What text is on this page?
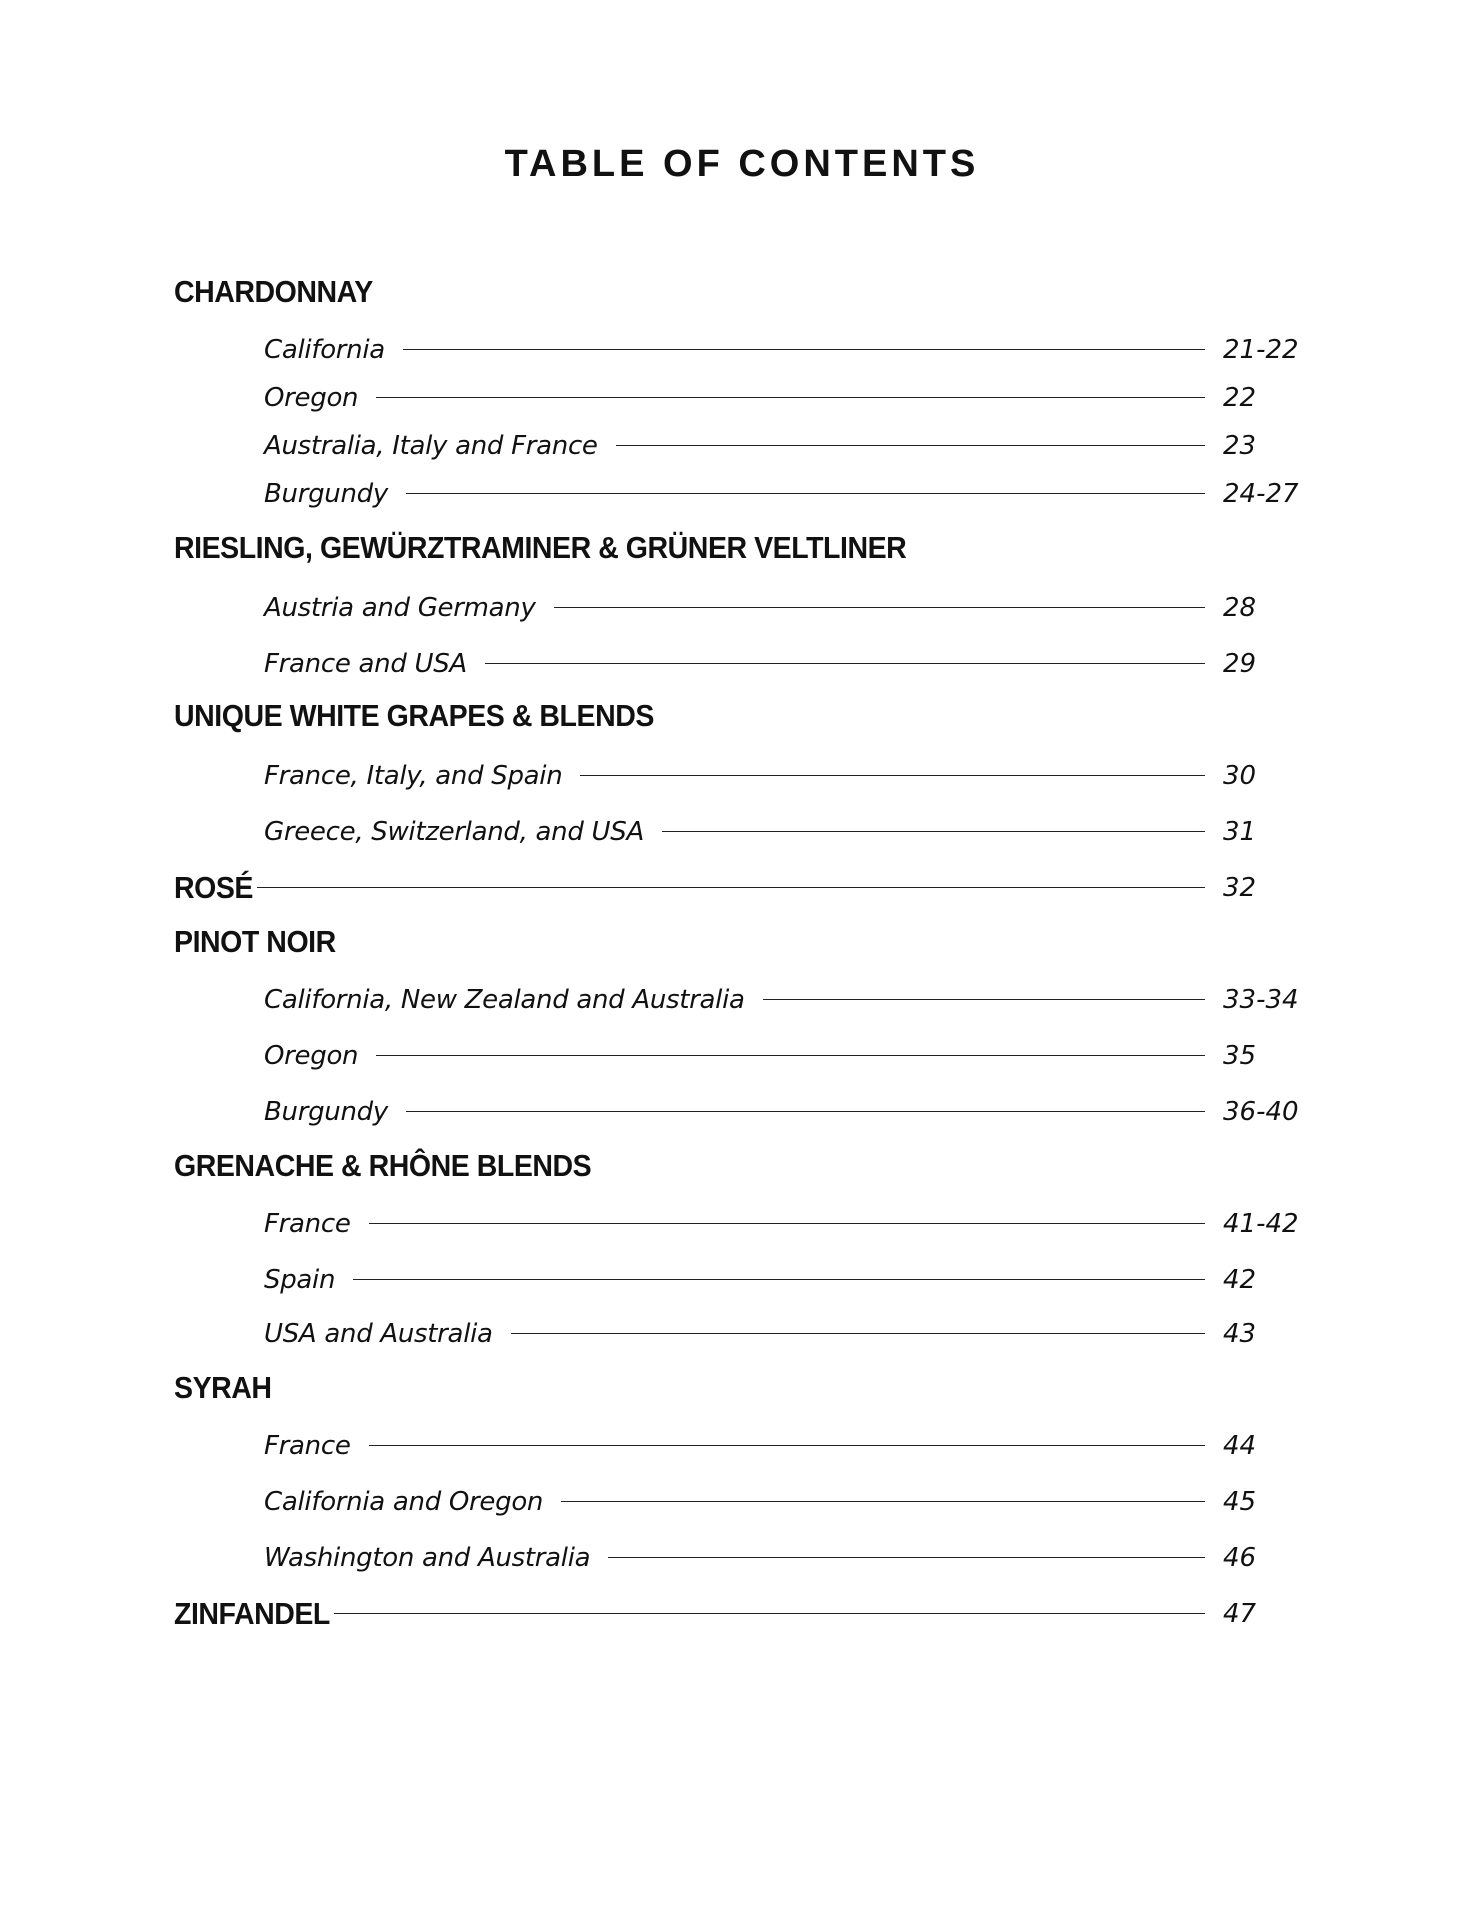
TABLE OF CONTENTS
CHARDONNAY
California	21-22
Oregon	22
Australia, Italy and France	23
Burgundy	24-27
RIESLING, GEWÜRZTRAMINER & GRÜNER VELTLINER
Austria and Germany	28
France and USA	29
UNIQUE WHITE GRAPES & BLENDS
France, Italy, and Spain	30
Greece, Switzerland, and USA	31
ROSÉ	32
PINOT NOIR
California, New Zealand and Australia	33-34
Oregon	35
Burgundy	36-40
GRENACHE & RHÔNE BLENDS
France	41-42
Spain	42
USA and Australia	43
SYRAH
France	44
California and Oregon	45
Washington and Australia	46
ZINFANDEL	47
